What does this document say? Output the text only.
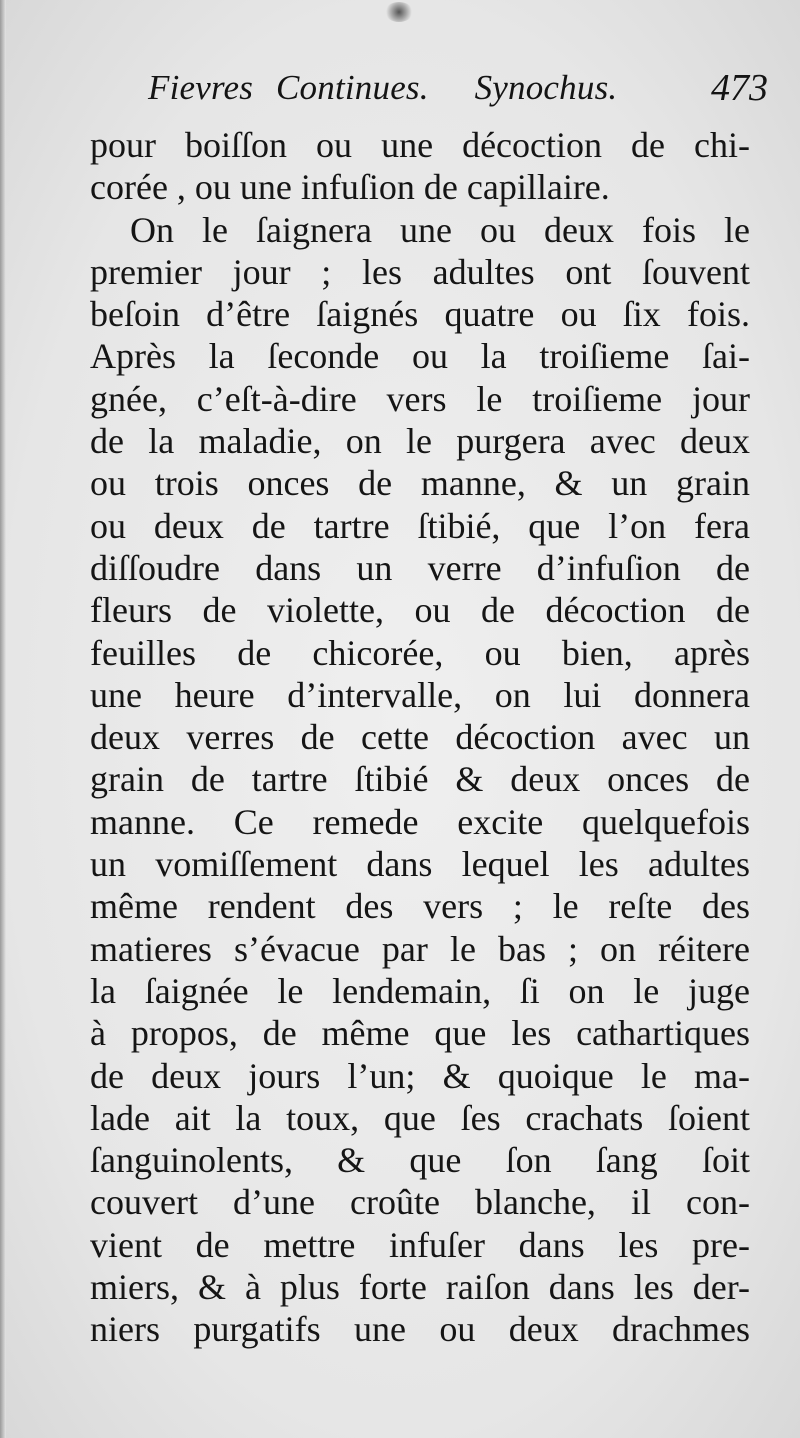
Fievres Continues.  Synochus. 473
pour boiſſon ou une décoction de chi-
corée , ou une infuſion de capillaire.
On le ſaignera une ou deux fois le
premier jour ; les adultes ont ſouvent
beſoin d’être ſaignés quatre ou ſix fois.
Après la ſeconde ou la troiſieme ſai-
gnée, c’eſt-à-dire vers le troiſieme jour
de la maladie, on le purgera avec deux
ou trois onces de manne, & un grain
ou deux de tartre ſtibié, que l’on fera
diſſoudre dans un verre d’infuſion de
fleurs de violette, ou de décoction de
feuilles de chicorée, ou bien, après
une heure d’intervalle, on lui donnera
deux verres de cette décoction avec un
grain de tartre ſtibié & deux onces de
manne. Ce remede excite quelquefois
un vomiſſement dans lequel les adultes
même rendent des vers ; le reſte des
matieres s’évacue par le bas ; on réitere
la ſaignée le lendemain, ſi on le juge
à propos, de même que les cathartiques
de deux jours l’un; & quoique le ma-
lade ait la toux, que ſes crachats ſoient
ſanguinolents, & que ſon ſang ſoit
couvert d’une croûte blanche, il con-
vient de mettre infuſer dans les pre-
miers, & à plus forte raiſon dans les der-
niers purgatifs une ou deux drachmes
